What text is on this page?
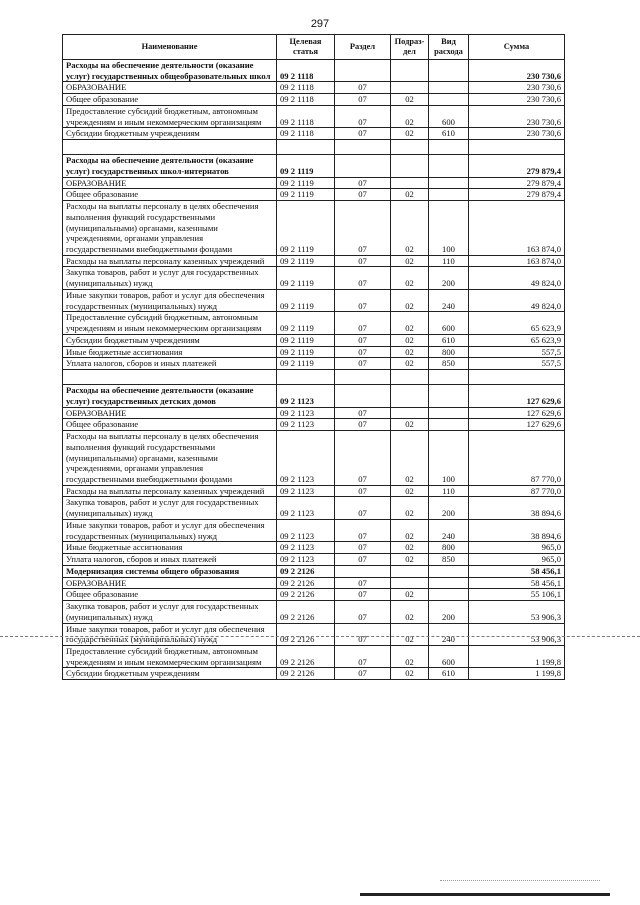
297
Наименование	Целевая статья	Раздел	Подраз-дел	Вид расхода	Сумма
Расходы на обеспечение деятельности (оказание услуг) государственных общеобразовательных школ	09 2 1118				230 730,6
ОБРАЗОВАНИЕ	09 2 1118	07			230 730,6
Общее образование	09 2 1118	07	02		230 730,6
Предоставление субсидий бюджетным, автономным учреждениям и иным некоммерческим организациям	09 2 1118	07	02	600	230 730,6
Субсидии бюджетным учреждениям	09 2 1118	07	02	610	230 730,6

Расходы на обеспечение деятельности (оказание услуг) государственных школ-интернатов	09 2 1119				279 879,4
ОБРАЗОВАНИЕ	09 2 1119	07			279 879,4
Общее образование	09 2 1119	07	02		279 879,4
Расходы на выплаты персоналу в целях обеспечения выполнения функций государственными (муниципальными) органами, казенными учреждениями, органами управления государственными внебюджетными фондами	09 2 1119	07	02	100	163 874,0
Расходы на выплаты персоналу казенных учреждений	09 2 1119	07	02	110	163 874,0
Закупка товаров, работ и услуг для государственных (муниципальных) нужд	09 2 1119	07	02	200	49 824,0
Иные закупки товаров, работ и услуг для обеспечения государственных (муниципальных) нужд	09 2 1119	07	02	240	49 824,0
Предоставление субсидий бюджетным, автономным учреждениям и иным некоммерческим организациям	09 2 1119	07	02	600	65 623,9
Субсидии бюджетным учреждениям	09 2 1119	07	02	610	65 623,9
Иные бюджетные ассигнования	09 2 1119	07	02	800	557,5
Уплата налогов, сборов и иных платежей	09 2 1119	07	02	850	557,5

Расходы на обеспечение деятельности (оказание услуг) государственных детских домов	09 2 1123				127 629,6
ОБРАЗОВАНИЕ	09 2 1123	07			127 629,6
Общее образование	09 2 1123	07	02		127 629,6
Расходы на выплаты персоналу в целях обеспечения выполнения функций государственными (муниципальными) органами, казенными учреждениями, органами управления государственными внебюджетными фондами	09 2 1123	07	02	100	87 770,0
Расходы на выплаты персоналу казенных учреждений	09 2 1123	07	02	110	87 770,0
Закупка товаров, работ и услуг для государственных (муниципальных) нужд	09 2 1123	07	02	200	38 894,6
Иные закупки товаров, работ и услуг для обеспечения государственных (муниципальных) нужд	09 2 1123	07	02	240	38 894,6
Иные бюджетные ассигнования	09 2 1123	07	02	800	965,0
Уплата налогов, сборов и иных платежей	09 2 1123	07	02	850	965,0
Модернизация системы общего образования	09 2 2126				58 456,1
ОБРАЗОВАНИЕ	09 2 2126	07			58 456,1
Общее образование	09 2 2126	07	02		55 106,1
Закупка товаров, работ и услуг для государственных (муниципальных) нужд	09 2 2126	07	02	200	53 906,3
Иные закупки товаров, работ и услуг для обеспечения государственных (муниципальных) нужд	09 2 2126	07	02	240	53 906,3
Предоставление субсидий бюджетным, автономным учреждениям и иным некоммерческим организациям	09 2 2126	07	02	600	1 199,8
Субсидии бюджетным учреждениям	09 2 2126	07	02	610	1 199,8
